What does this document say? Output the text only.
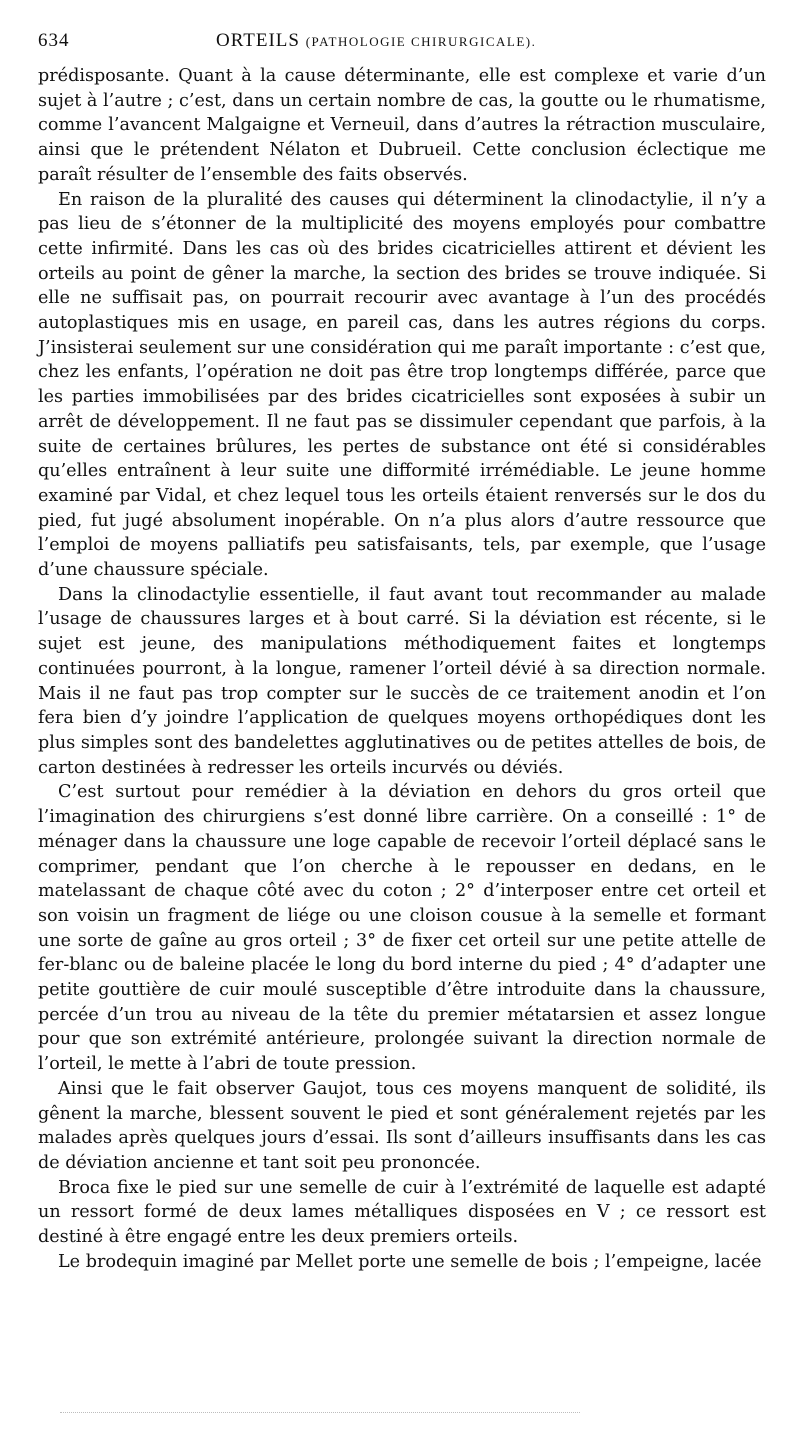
634	ORTEILS (PATHOLOGIE CHIRURGICALE).

prédisposante. Quant à la cause déterminante, elle est complexe et varie d’un sujet à l’autre ; c’est, dans un certain nombre de cas, la goutte ou le rhumatisme, comme l’avancent Malgaigne et Verneuil, dans d’autres la rétraction musculaire, ainsi que le prétendent Nélaton et Dubrueil. Cette conclusion éclectique me paraît résulter de l’ensemble des faits observés.

En raison de la pluralité des causes qui déterminent la clinodactylie, il n’y a pas lieu de s’étonner de la multiplicité des moyens employés pour combattre cette infirmité. Dans les cas où des brides cicatricielles attirent et dévient les orteils au point de gêner la marche, la section des brides se trouve indiquée. Si elle ne suffisait pas, on pourrait recourir avec avantage à l’un des procédés autoplastiques mis en usage, en pareil cas, dans les autres régions du corps. J’insisterai seulement sur une considération qui me paraît importante : c’est que, chez les enfants, l’opération ne doit pas être trop longtemps différée, parce que les parties immobilisées par des brides cicatricielles sont exposées à subir un arrêt de développement. Il ne faut pas se dissimuler cependant que parfois, à la suite de certaines brûlures, les pertes de substance ont été si considérables qu’elles entraînent à leur suite une difformité irrémédiable. Le jeune homme examiné par Vidal, et chez lequel tous les orteils étaient renversés sur le dos du pied, fut jugé absolument inopérable. On n’a plus alors d’autre ressource que l’emploi de moyens palliatifs peu satisfaisants, tels, par exemple, que l’usage d’une chaussure spéciale.

Dans la clinodactylie essentielle, il faut avant tout recommander au malade l’usage de chaussures larges et à bout carré. Si la déviation est récente, si le sujet est jeune, des manipulations méthodiquement faites et longtemps continuées pourront, à la longue, ramener l’orteil dévié à sa direction normale. Mais il ne faut pas trop compter sur le succès de ce traitement anodin et l’on fera bien d’y joindre l’application de quelques moyens orthopédiques dont les plus simples sont des bandelettes agglutinatives ou de petites attelles de bois, de carton destinées à redresser les orteils incurvés ou déviés.

C’est surtout pour remédier à la déviation en dehors du gros orteil que l’imagination des chirurgiens s’est donné libre carrière. On a conseillé : 1° de ménager dans la chaussure une loge capable de recevoir l’orteil déplacé sans le comprimer, pendant que l’on cherche à le repousser en dedans, en le matelassant de chaque côté avec du coton ; 2° d’interposer entre cet orteil et son voisin un fragment de liége ou une cloison cousue à la semelle et formant une sorte de gaîne au gros orteil ; 3° de fixer cet orteil sur une petite attelle de fer-blanc ou de baleine placée le long du bord interne du pied ; 4° d’adapter une petite gouttière de cuir moulé susceptible d’être introduite dans la chaussure, percée d’un trou au niveau de la tête du premier métatarsien et assez longue pour que son extrémité antérieure, prolongée suivant la direction normale de l’orteil, le mette à l’abri de toute pression.

Ainsi que le fait observer Gaujot, tous ces moyens manquent de solidité, ils gênent la marche, blessent souvent le pied et sont généralement rejetés par les malades après quelques jours d’essai. Ils sont d’ailleurs insuffisants dans les cas de déviation ancienne et tant soit peu prononcée.

Broca fixe le pied sur une semelle de cuir à l’extrémité de laquelle est adapté un ressort formé de deux lames métalliques disposées en V ; ce ressort est destiné à être engagé entre les deux premiers orteils.

Le brodequin imaginé par Mellet porte une semelle de bois ; l’empeigne, lacée
